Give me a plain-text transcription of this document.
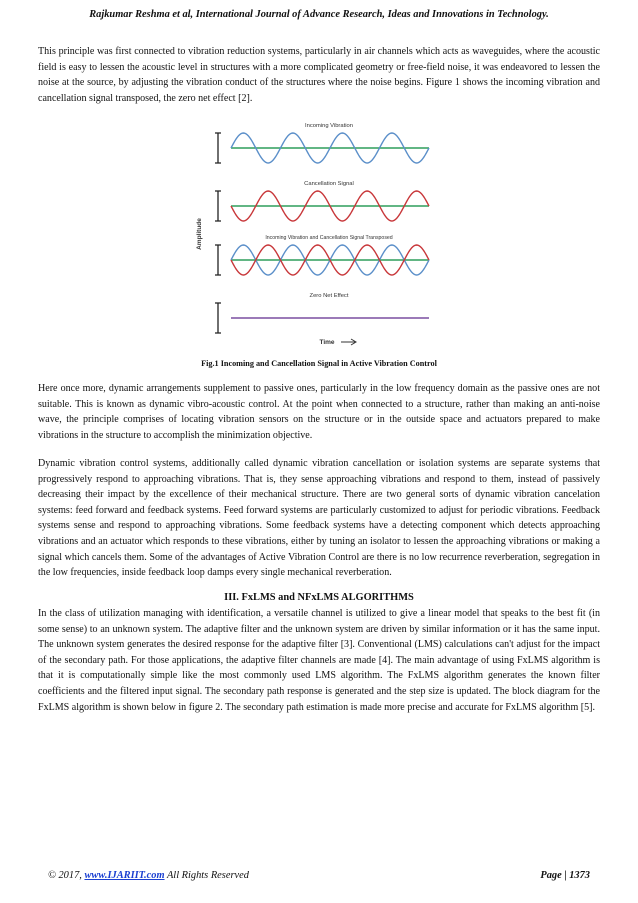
Rajkumar Reshma et al, International Journal of Advance Research, Ideas and Innovations in Technology.

This principle was first connected to vibration reduction systems, particularly in air channels which acts as waveguides, where the acoustic field is easy to lessen the acoustic level in structures with a more complicated geometry or free-field noise, it was endeavored to lessen the noise at the source, by adjusting the vibration conduct of the structures where the noise begins. Figure 1 shows the incoming vibration and cancellation signal transposed, the zero net effect [2].

Incoming Vibration
Cancellation Signal
Incoming Vibration and Cancellation Signal Transposed
Zero Net Effect
Amplitude
Time
Fig.1 Incoming and Cancellation Signal in Active Vibration Control

Here once more, dynamic arrangements supplement to passive ones, particularly in the low frequency domain as the passive ones are not suitable. This is known as dynamic vibro-acoustic control. At the point when connected to a structure, rather than making an anti-noise wave, the principle comprises of locating vibration sensors on the structure or in the outside space and actuators prepared to make vibrations in the structure to accomplish the minimization objective.

Dynamic vibration control systems, additionally called dynamic vibration cancellation or isolation systems are separate systems that progressively respond to approaching vibrations. That is, they sense approaching vibrations and respond to them, instead of passively decreasing their impact by the excellence of their mechanical structure. There are two general sorts of dynamic vibration cancelation systems: feed forward and feedback systems. Feed forward systems are particularly customized to adjust for periodic vibrations. Feedback systems sense and respond to approaching vibrations. Some feedback systems have a detecting component which detects approaching vibrations and an actuator which responds to these vibrations, either by tuning an isolator to lessen the approaching vibrations or making a signal which cancels them. Some of the advantages of Active Vibration Control are there is no low recurrence reverberation, segregation in the low frequencies, inside feedback loop damps every single mechanical reverberation.

III. FxLMS and NFxLMS ALGORITHMS

In the class of utilization managing with identification, a versatile channel is utilized to give a linear model that speaks to the best fit (in some sense) to an unknown system. The adaptive filter and the unknown system are driven by similar information or it has the same input. The unknown system generates the desired response for the adaptive filter [3]. Conventional (LMS) calculations can't adjust for the impact of the secondary path. For those applications, the adaptive filter channels are made [4]. The main advantage of using FxLMS algorithm is that it is computationally simple like the most commonly used LMS algorithm. The FxLMS algorithm generates the known filter coefficients and the filtered input signal. The secondary path response is generated and the step size is updated. The block diagram for the FxLMS algorithm is shown below in figure 2. The secondary path estimation is made more precise and accurate for FxLMS algorithm [5].

© 2017, www.IJARIIT.com All Rights Reserved	Page | 1373
